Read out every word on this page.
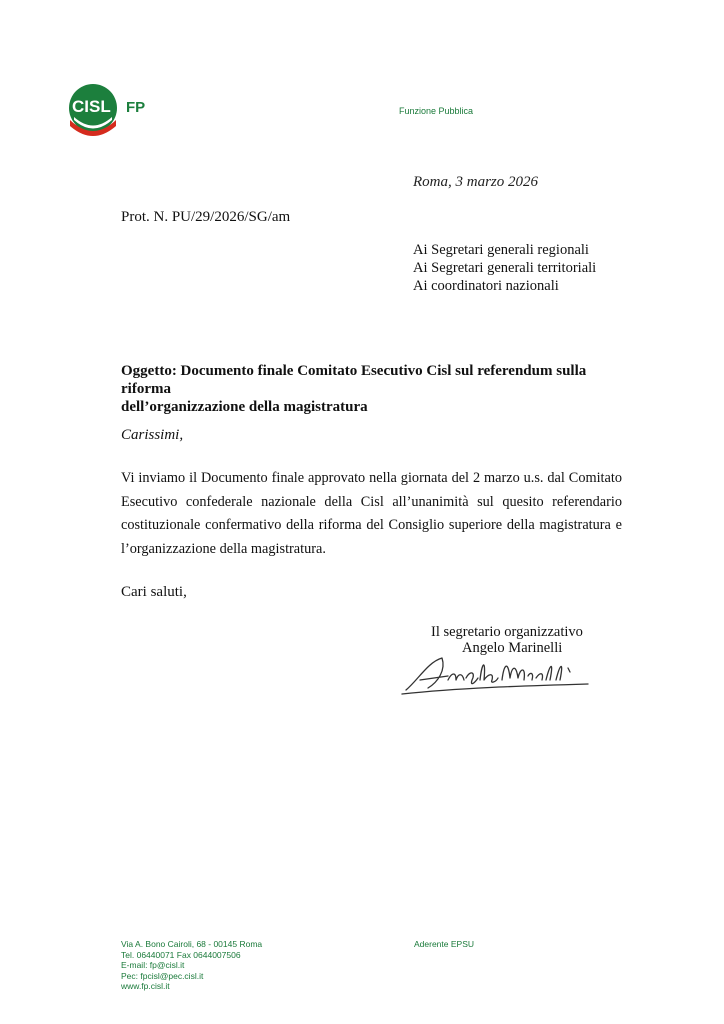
CISL FP	Funzione Pubblica
Roma, 3 marzo 2026
Prot. N. PU/29/2026/SG/am
Ai Segretari generali regionali
Ai Segretari generali territoriali
Ai coordinatori nazionali
Oggetto: Documento finale Comitato Esecutivo Cisl sul referendum sulla riforma
dell’organizzazione della magistratura
Carissimi,
Vi inviamo il Documento finale approvato nella giornata del 2 marzo u.s. dal Comitato Esecutivo confederale nazionale della Cisl all’unanimità sul quesito referendario costituzionale confermativo della riforma del Consiglio superiore della magistratura e l’organizzazione della magistratura.
Cari saluti,
Il segretario organizzativo
Angelo Marinelli
Via A. Bono Cairoli, 68 - 00145 Roma
Tel. 06440071 Fax 0644007506
E-mail: fp@cisl.it
Pec: fpcisl@pec.cisl.it
www.fp.cisl.it
Aderente EPSU
